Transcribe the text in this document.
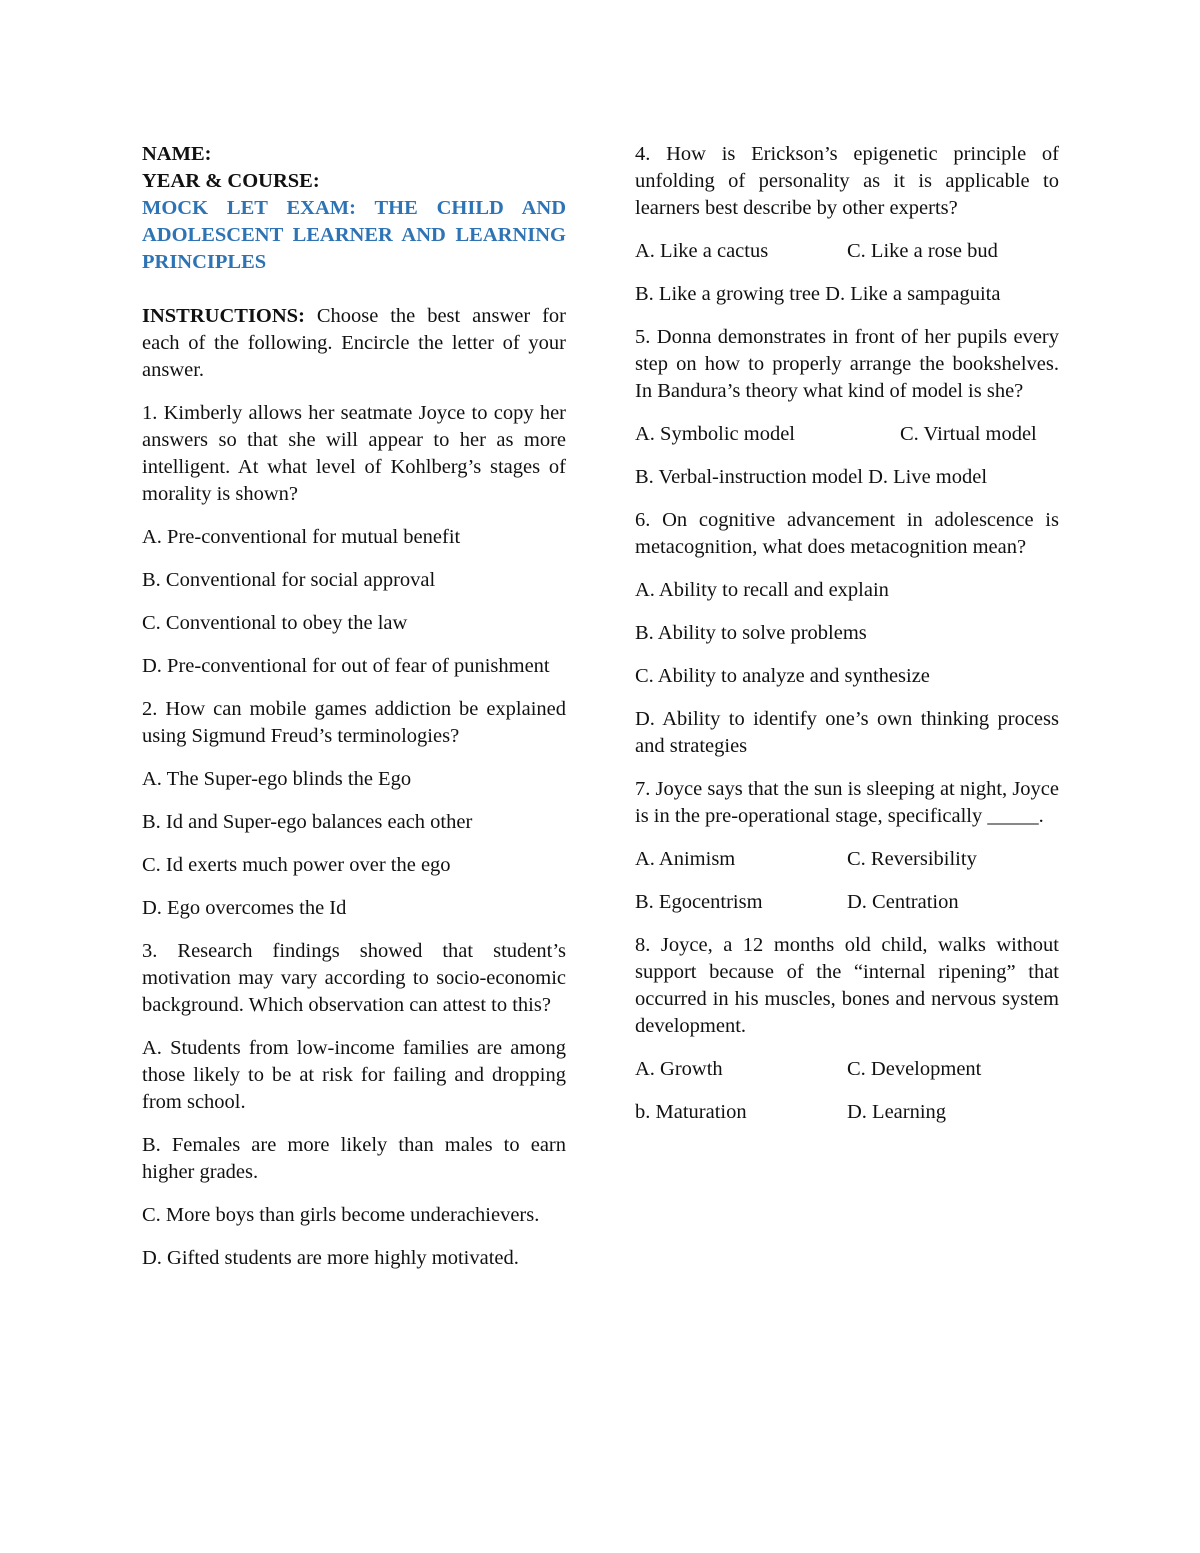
NAME:
YEAR & COURSE:
MOCK LET EXAM: THE CHILD AND ADOLESCENT LEARNER AND LEARNING PRINCIPLES
INSTRUCTIONS: Choose the best answer for each of the following. Encircle the letter of your answer.

1. Kimberly allows her seatmate Joyce to copy her answers so that she will appear to her as more intelligent. At what level of Kohlberg’s stages of morality is shown?

A. Pre-conventional for mutual benefit

B. Conventional for social approval

C. Conventional to obey the law

D. Pre-conventional for out of fear of punishment

2. How can mobile games addiction be explained using Sigmund Freud’s terminologies?

A. The Super-ego blinds the Ego

B. Id and Super-ego balances each other

C. Id exerts much power over the ego

D. Ego overcomes the Id

3. Research findings showed that student’s motivation may vary according to socio-economic background. Which observation can attest to this?

A. Students from low-income families are among those likely to be at risk for failing and dropping from school.

B. Females are more likely than males to earn higher grades.

C. More boys than girls become underachievers.

D. Gifted students are more highly motivated.

4. How is Erickson’s epigenetic principle of unfolding of personality as it is applicable to learners best describe by other experts?

A. Like a cactus	C. Like a rose bud
B. Like a growing tree D. Like a sampaguita

5. Donna demonstrates in front of her pupils every step on how to properly arrange the bookshelves. In Bandura’s theory what kind of model is she?

A. Symbolic model	C. Virtual model
B. Verbal-instruction model D. Live model

6. On cognitive advancement in adolescence is metacognition, what does metacognition mean?

A. Ability to recall and explain

B. Ability to solve problems

C. Ability to analyze and synthesize

D. Ability to identify one’s own thinking process and strategies

7. Joyce says that the sun is sleeping at night, Joyce is in the pre-operational stage, specifically _____.

A. Animism	C. Reversibility
B. Egocentrism	D. Centration

8. Joyce, a 12 months old child, walks without support because of the “internal ripening” that occurred in his muscles, bones and nervous system development.

A. Growth	C. Development
b. Maturation	D. Learning
